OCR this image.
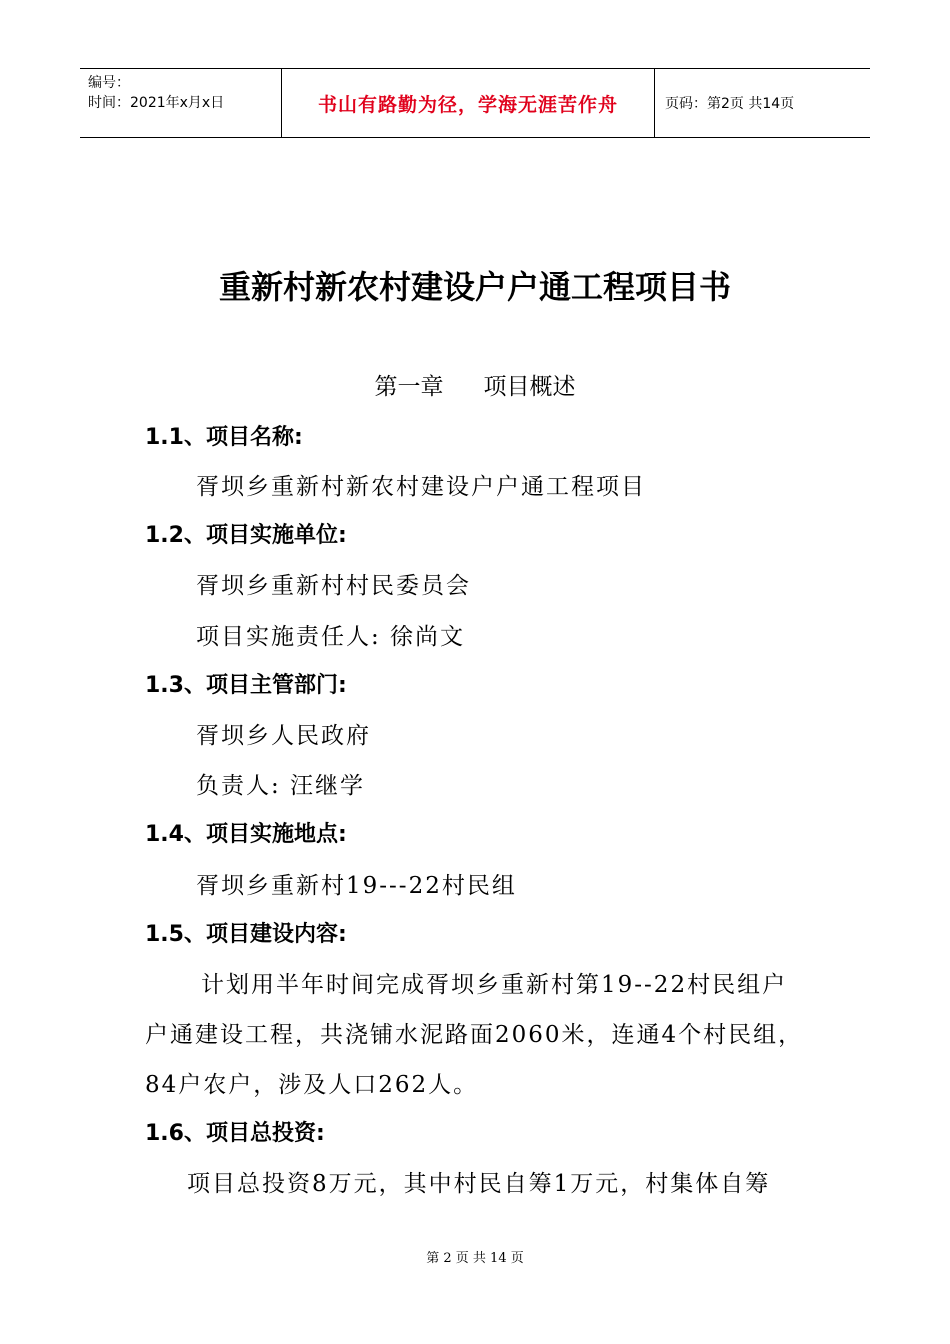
编号：
时间：2021年x月x日	书山有路勤为径，学海无涯苦作舟	页码：第2页 共14页
重新村新农村建设户户通工程项目书
第一章 项目概述
1.1、项目名称:
胥坝乡重新村新农村建设户户通工程项目
1.2、项目实施单位:
胥坝乡重新村村民委员会
项目实施责任人: 徐尚文
1.3、项目主管部门:
胥坝乡人民政府
负责人: 汪继学
1.4、项目实施地点:
胥坝乡重新村19---22村民组
1.5、项目建设内容:
计划用半年时间完成胥坝乡重新村第19--22村民组户
户通建设工程，共浇铺水泥路面2060米，连通4个村民组，
84户农户，涉及人口262人。
1.6、项目总投资:
项目总投资8万元，其中村民自筹1万元，村集体自筹
第 2 页 共 14 页
